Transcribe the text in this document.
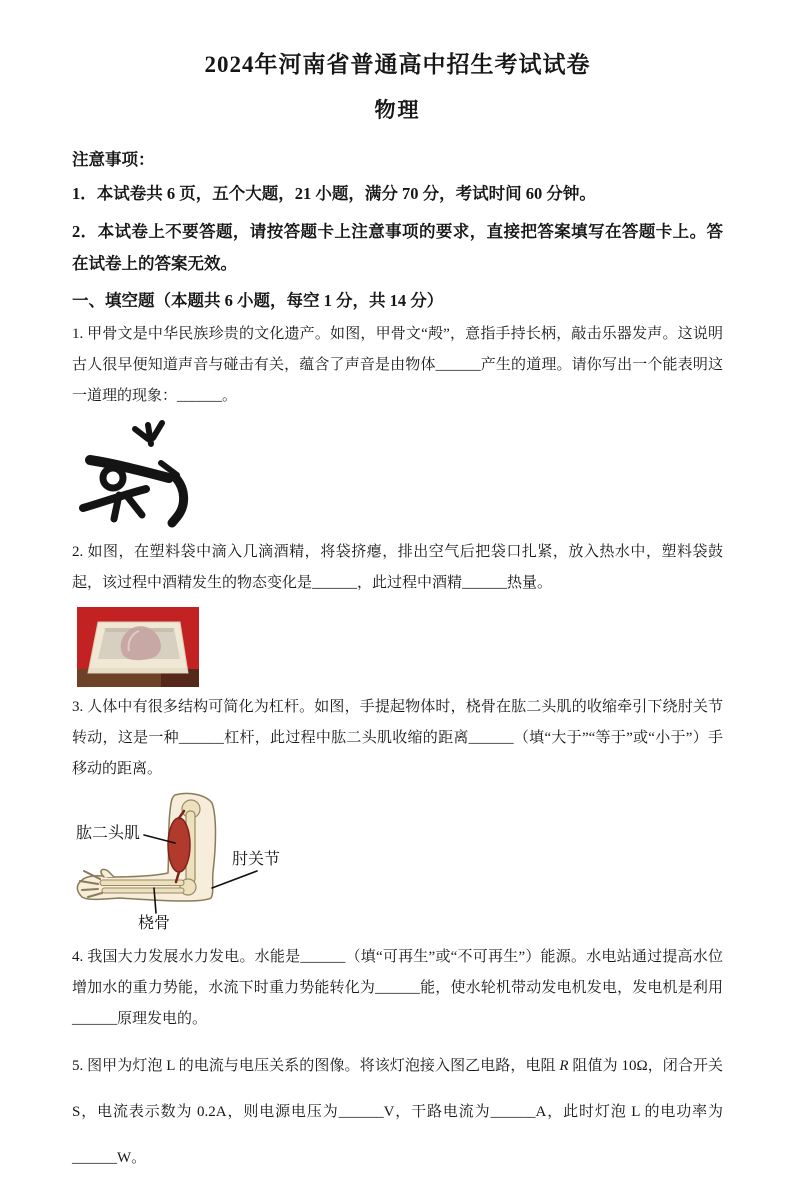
2024年河南省普通高中招生考试试卷
物理

注意事项：

1．本试卷共 6 页，五个大题，21 小题，满分 70 分，考试时间 60 分钟。

2．本试卷上不要答题，请按答题卡上注意事项的要求，直接把答案填写在答题卡上。答在试卷上的答案无效。

一、填空题（本题共 6 小题，每空 1 分，共 14 分）

1. 甲骨文是中华民族珍贵的文化遗产。如图，甲骨文“殸”，意指手持长柄，敲击乐器发声。这说明古人很早便知道声音与碰击有关，蕴含了声音是由物体______产生的道理。请你写出一个能表明这一道理的现象：______。

2. 如图，在塑料袋中滴入几滴酒精，将袋挤瘪，排出空气后把袋口扎紧，放入热水中，塑料袋鼓起，该过程中酒精发生的物态变化是______，此过程中酒精______热量。

3. 人体中有很多结构可简化为杠杆。如图，手提起物体时，桡骨在肱二头肌的收缩牵引下绕肘关节转动，这是一种______杠杆，此过程中肱二头肌收缩的距离______（填“大于”“等于”或“小于”）手移动的距离。

肱二头肌
肘关节
桡骨

4. 我国大力发展水力发电。水能是______（填“可再生”或“不可再生”）能源。水电站通过提高水位增加水的重力势能，水流下时重力势能转化为______能，使水轮机带动发电机发电，发电机是利用______原理发电的。

5. 图甲为灯泡 L 的电流与电压关系的图像。将该灯泡接入图乙电路，电阻 R 阻值为 10Ω，闭合开关 S，电流表示数为 0.2A，则电源电压为______V，干路电流为______A，此时灯泡 L 的电功率为______W。
